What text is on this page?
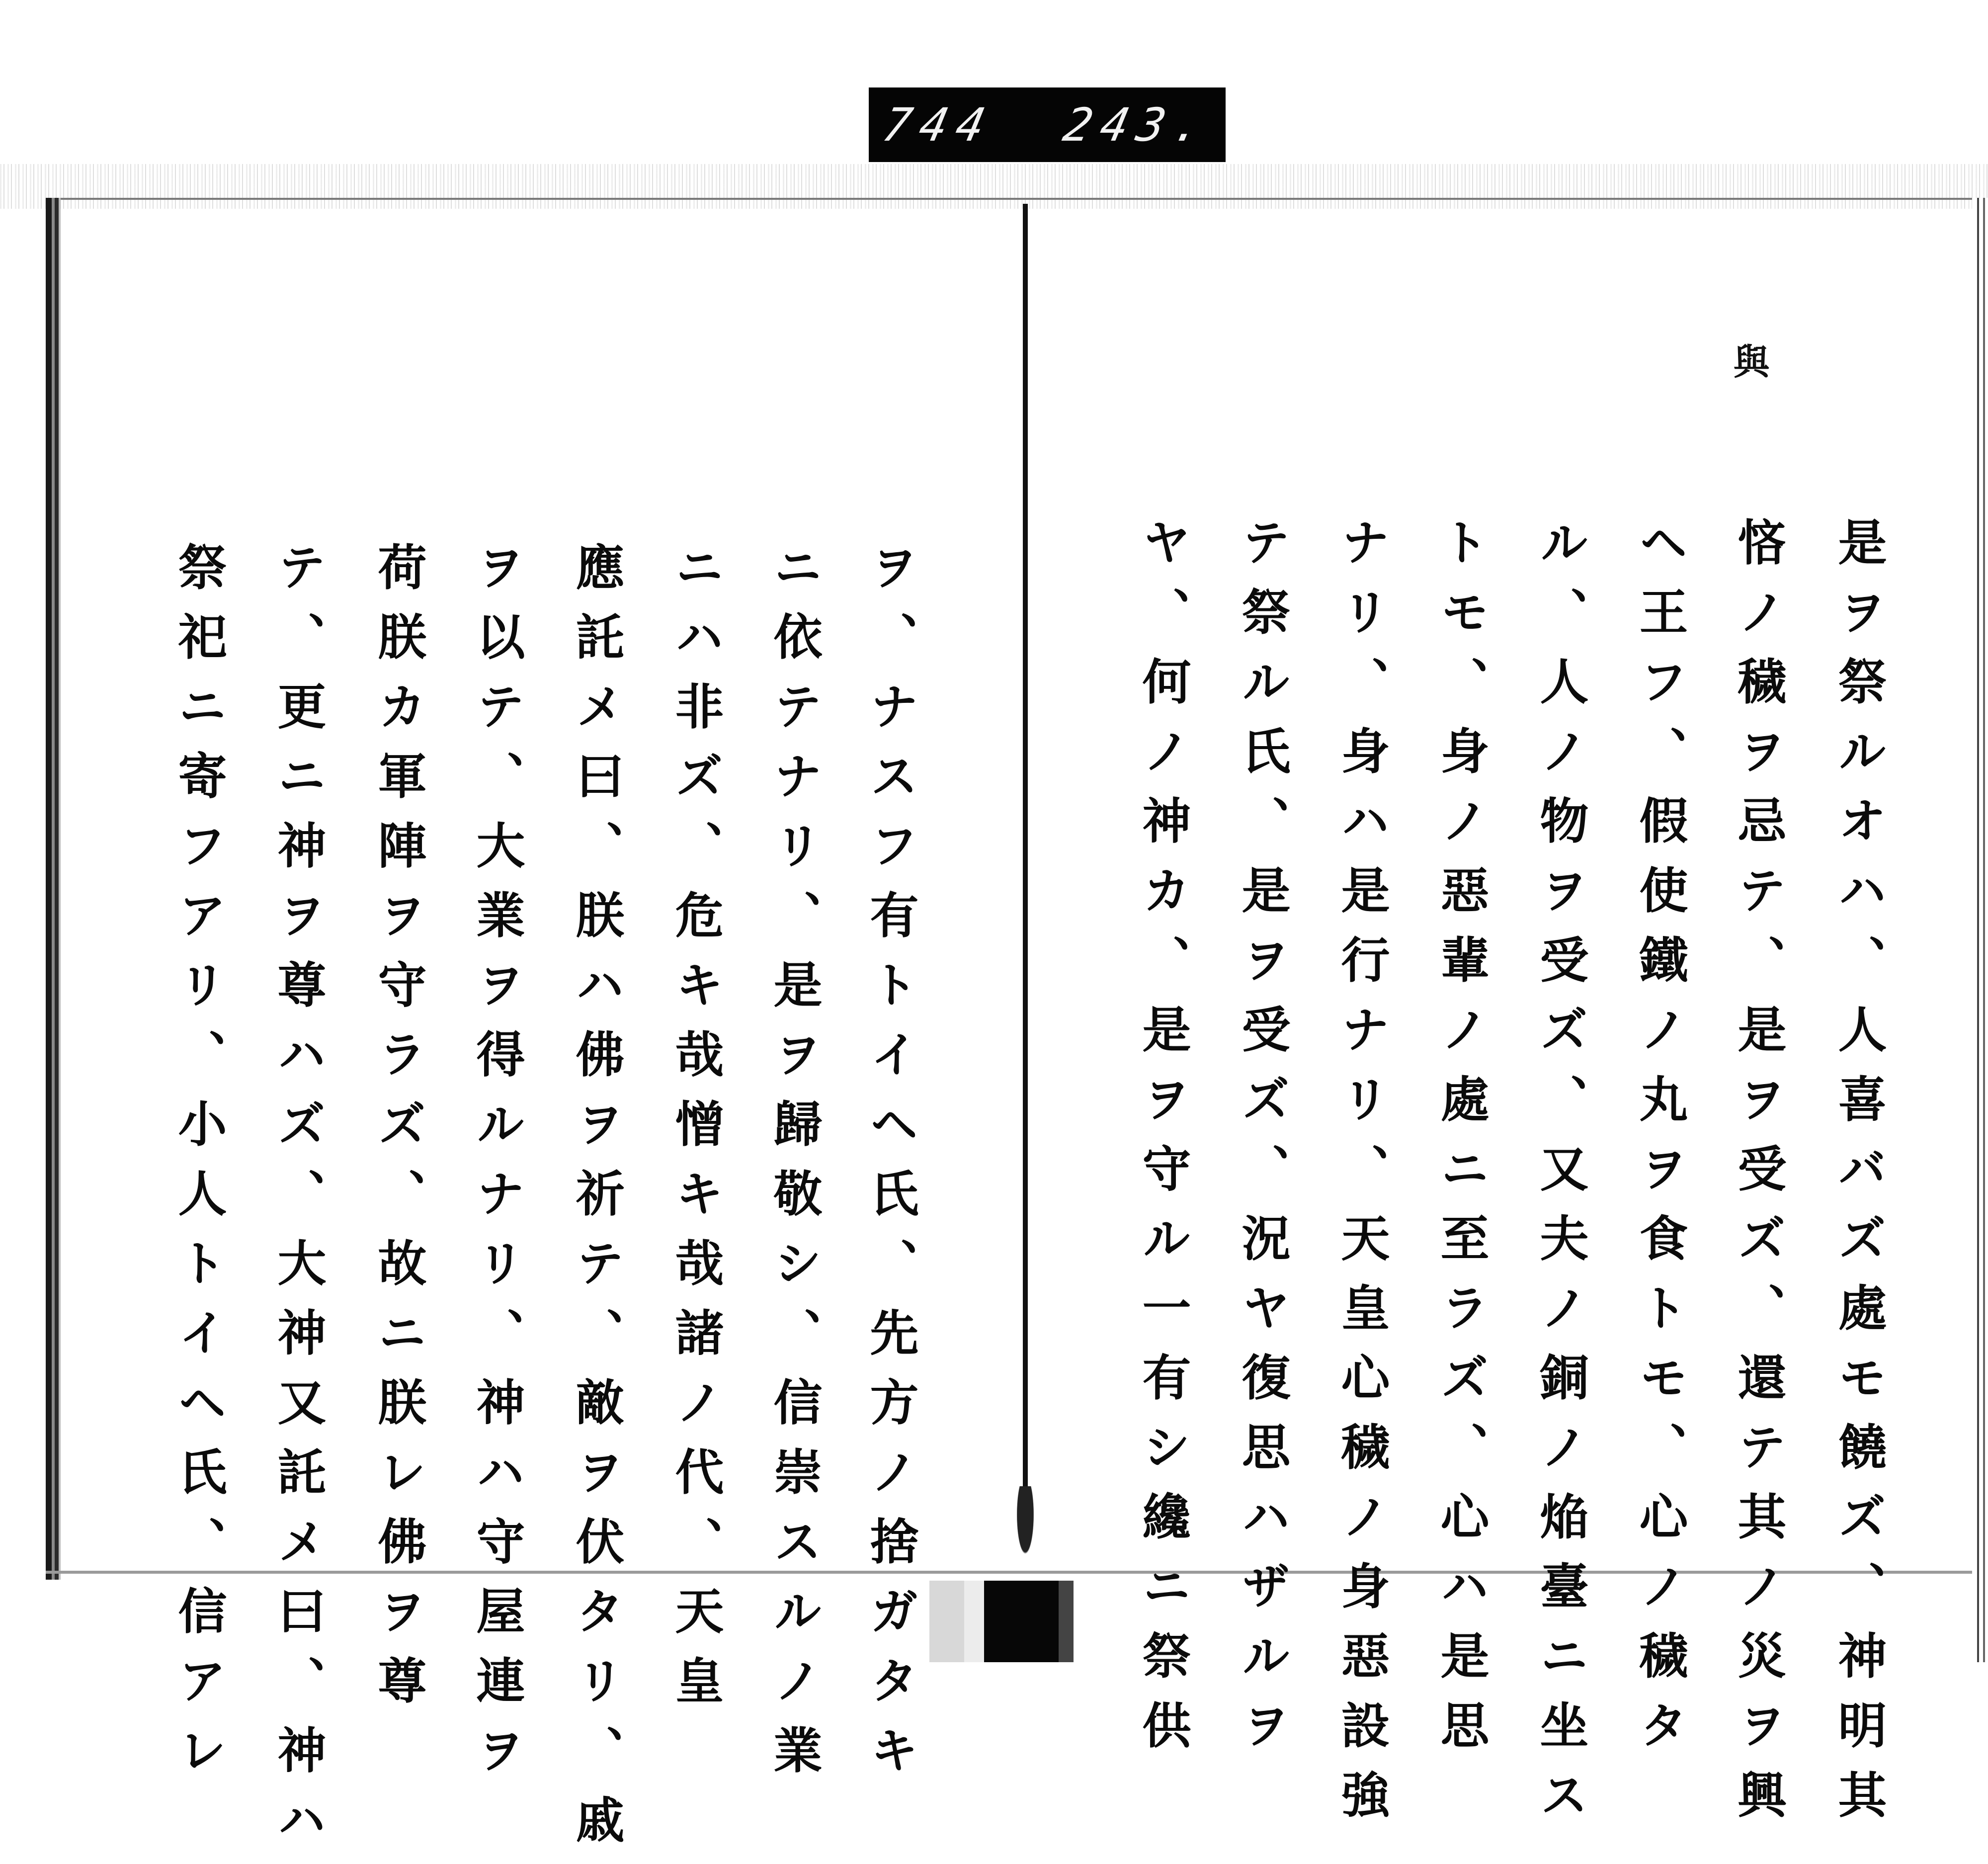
744 243.
與
是ヲ祭ルオハ、人喜バズ處モ饒ズ、神明其
悋ノ穢ヲ忌テ、是ヲ受ズ、還テ其ノ災ヲ興
ヘ王フ、假使鐵ノ丸ヲ食トモ、心ノ穢タ
ル、人ノ物ヲ受ズ、又夫ノ銅ノ焔臺ニ坐ス
トモ、身ノ惡輩ノ處ニ至ラズ、心ハ是思
ナリ、身ハ是行ナリ、天皇心穢ノ身惡設強
テ祭ル氏、是ヲ受ズ、況ヤ復思ハザルヲ
ヤ、何ノ神カ、是ヲ守ル一有シ纔ニ祭供
ヲ、ナスフ有トイヘ氏、先方ノ捨ガタキ
ニ依テナリ、是ヲ歸敬シ、信崇スルノ業
ニハ非ズ、危キ哉憎キ哉諸ノ代、天皇
應託メ曰、朕ハ佛ヲ祈テ、敵ヲ伏タリ、戚
ヲ以テ、大業ヲ得ルナリ、神ハ守屋連ヲ
荷朕カ軍陣ヲ守ラズ、故ニ朕レ佛ヲ尊
テ、更ニ神ヲ尊ハズ、大神又託メ曰、神ハ
祭祀ニ寄フアリ、小人トイヘ氏、信アレ
